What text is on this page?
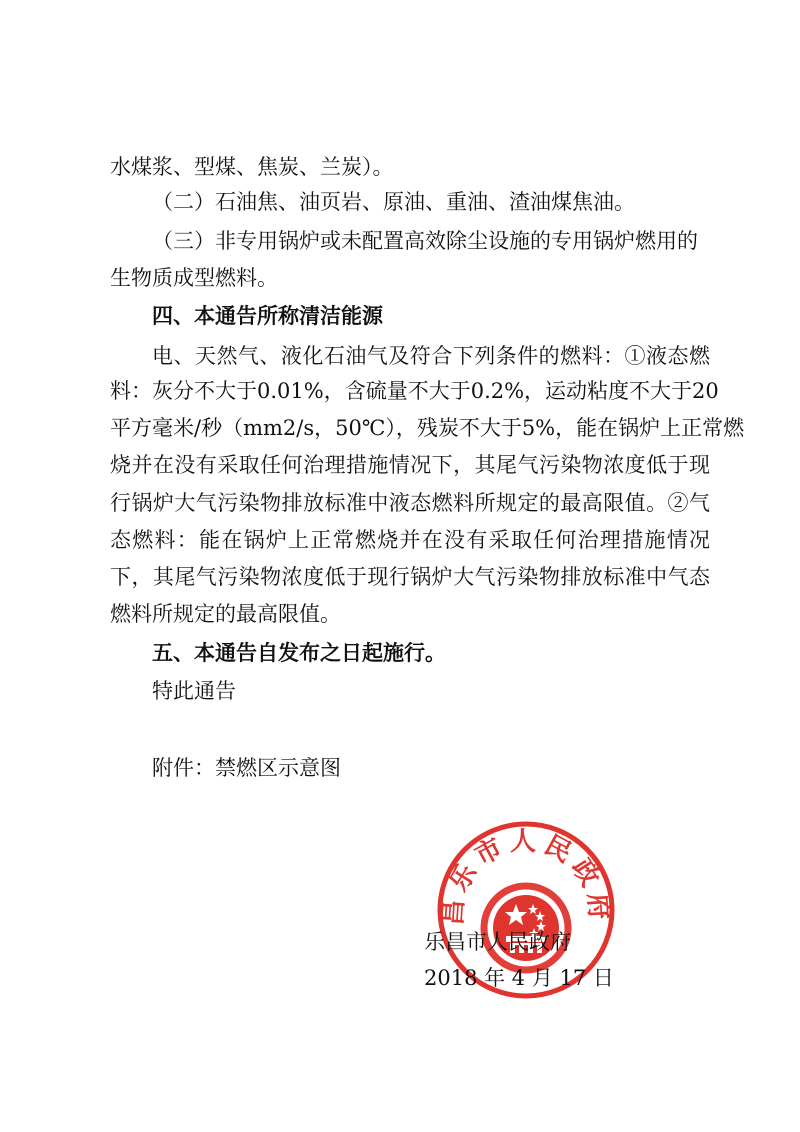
水煤浆、型煤、焦炭、兰炭）。
（二）石油焦、油页岩、原油、重油、渣油煤焦油。
（三）非专用锅炉或未配置高效除尘设施的专用锅炉燃用的
生物质成型燃料。
四、本通告所称清洁能源
电、天然气、液化石油气及符合下列条件的燃料：①液态燃
料：灰分不大于0.01%，含硫量不大于0.2%，运动粘度不大于20
平方毫米/秒（mm2/s，50℃），残炭不大于5%，能在锅炉上正常燃
烧并在没有采取任何治理措施情况下，其尾气污染物浓度低于现
行锅炉大气污染物排放标准中液态燃料所规定的最高限值。②气
态燃料：能在锅炉上正常燃烧并在没有采取任何治理措施情况
下，其尾气污染物浓度低于现行锅炉大气污染物排放标准中气态
燃料所规定的最高限值。
五、本通告自发布之日起施行。
特此通告
附件：禁燃区示意图
昌乐市人民政府
乐昌市人民政府
2018 年 4 月 17 日
